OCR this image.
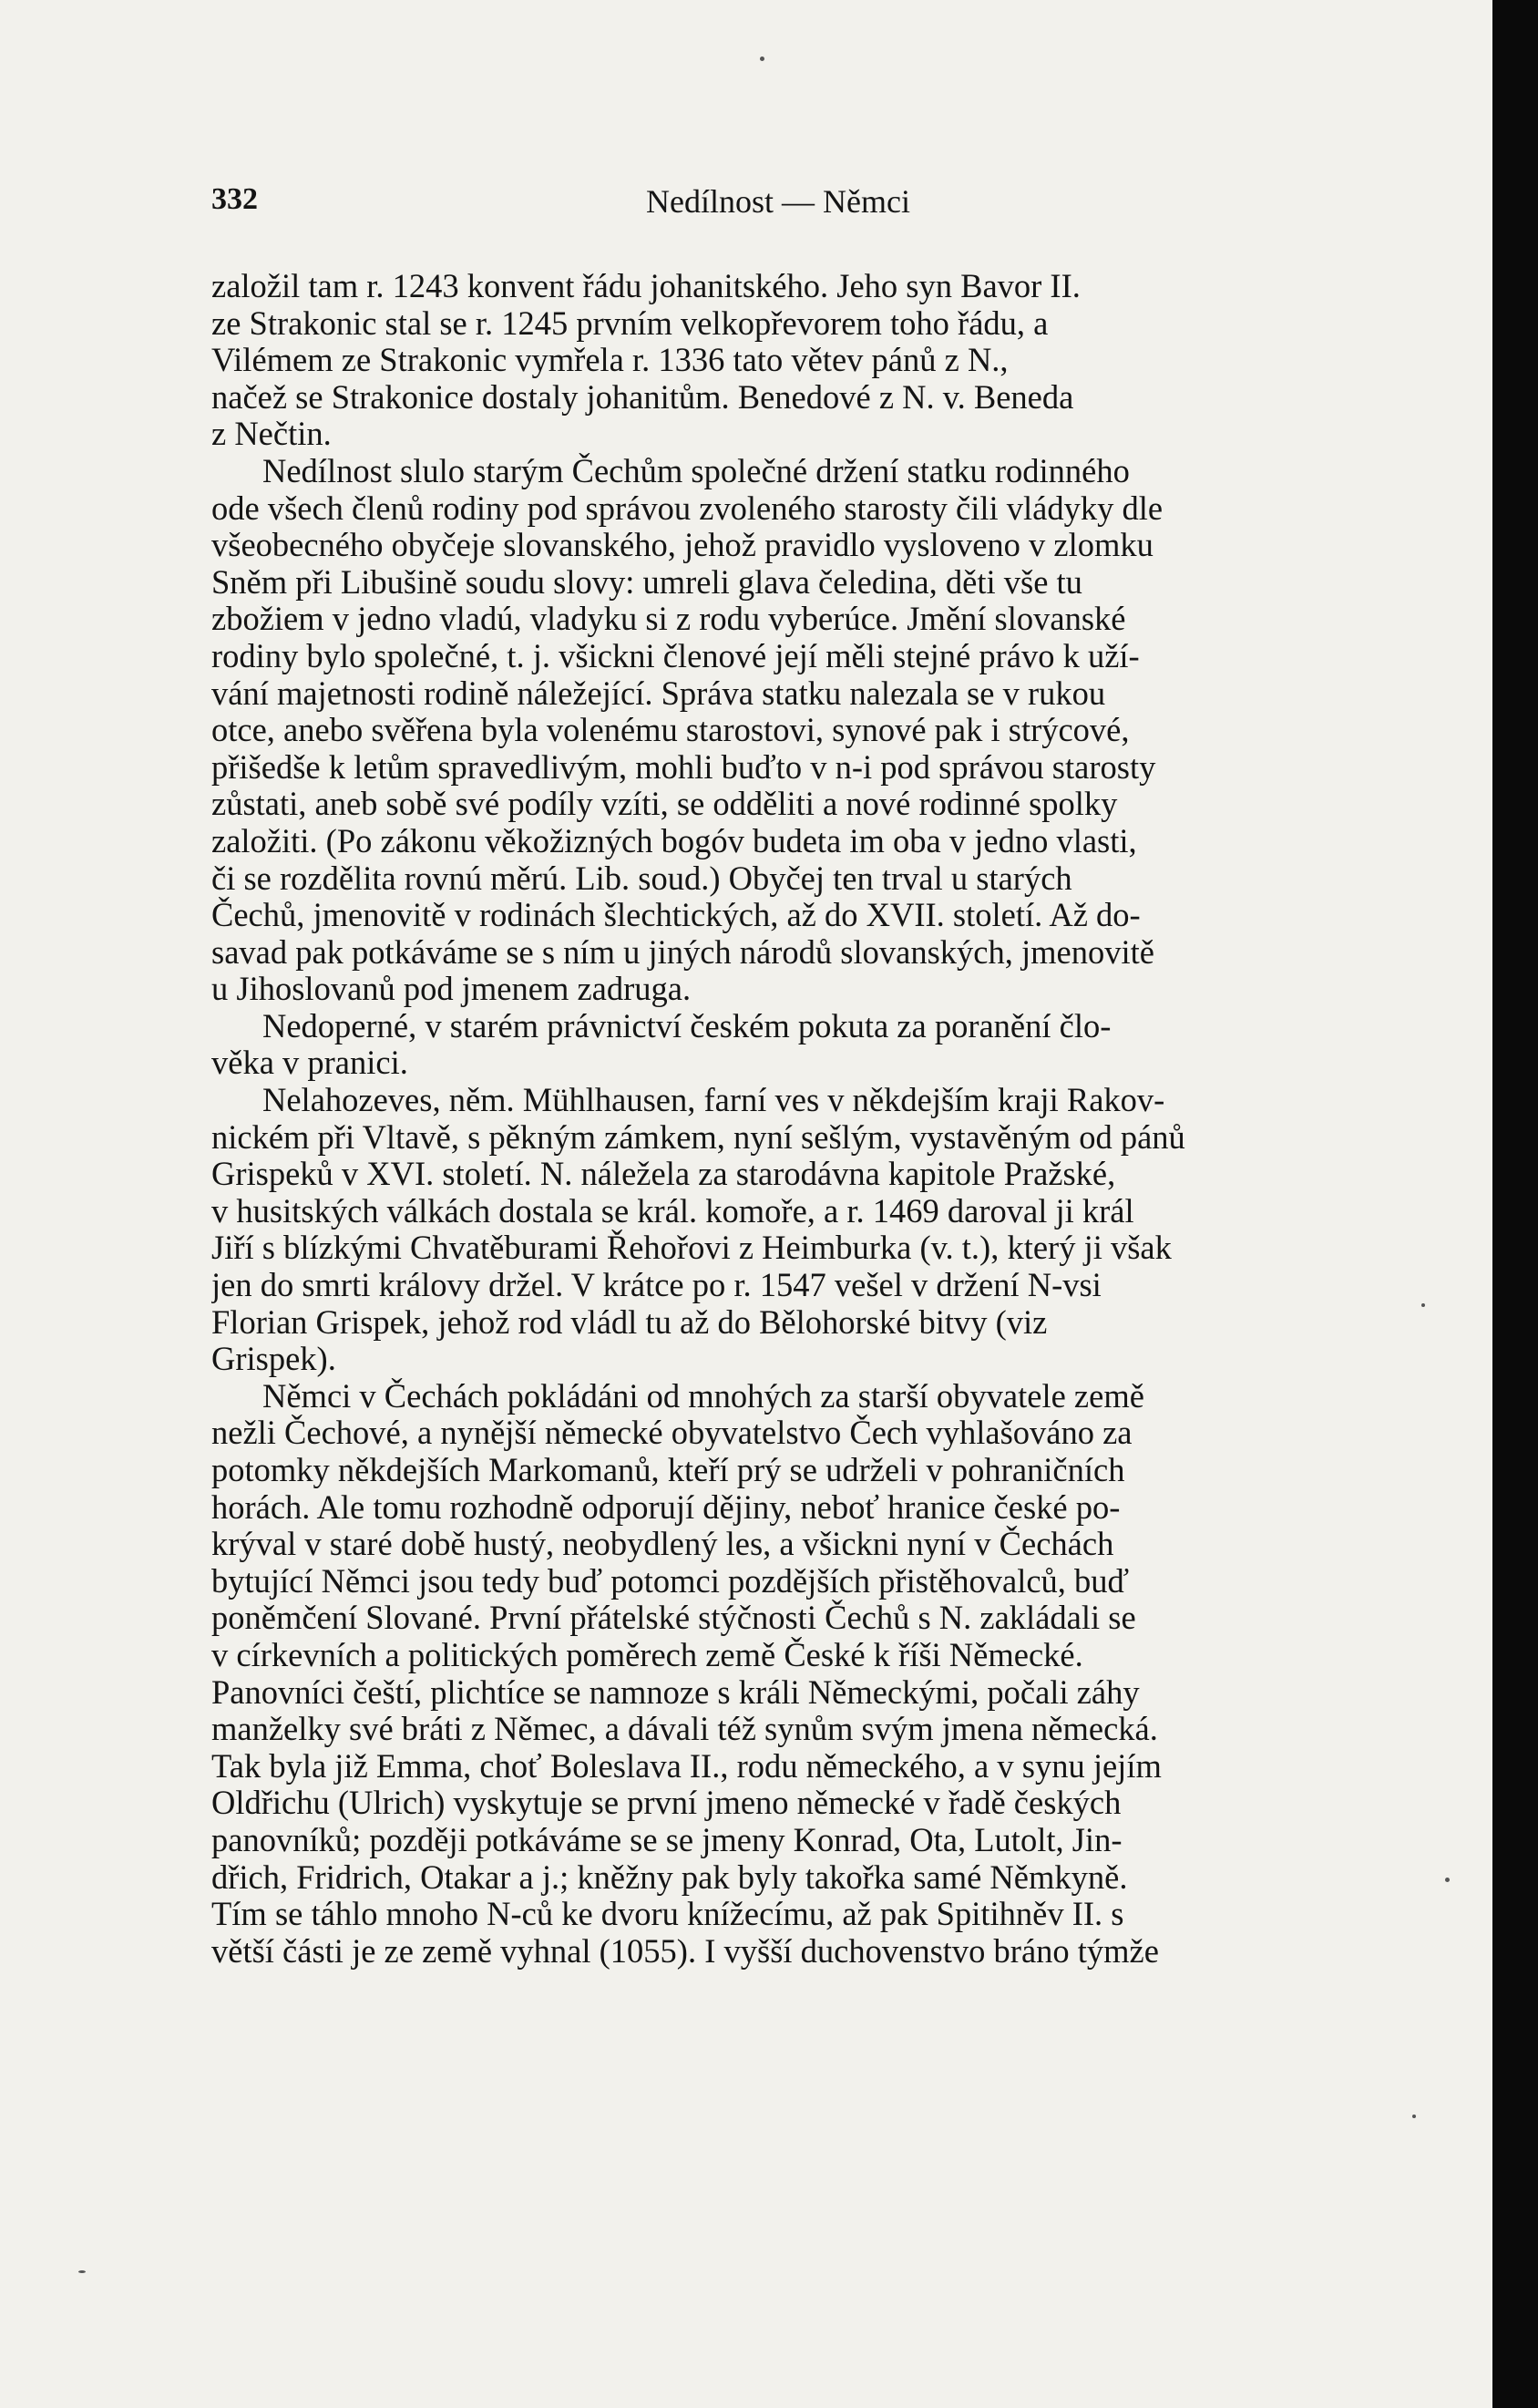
332	Nedílnost — Němci
založil tam r. 1243 konvent řádu johanitského. Jeho syn Bavor II.
ze Strakonic stal se r. 1245 prvním velkopřevorem toho řádu, a
Vilémem ze Strakonic vymřela r. 1336 tato větev pánů z N.,
načež se Strakonice dostaly johanitům. Benedové z N. v. Beneda
z Nečtin.
Nedílnost slulo starým Čechům společné držení statku rodinného
ode všech členů rodiny pod správou zvoleného starosty čili vládyky dle
všeobecného obyčeje slovanského, jehož pravidlo vysloveno v zlomku
Sněm při Libušině soudu slovy: umreli glava čeledina, děti vše tu
zbožiem v jedno vladú, vladyku si z rodu vyberúce. Jmění slovanské
rodiny bylo společné, t. j. všickni členové její měli stejné právo k uží-
vání majetnosti rodině náležející. Správa statku nalezala se v rukou
otce, anebo svěřena byla volenému starostovi, synové pak i strýcové,
přišedše k letům spravedlivým, mohli buďto v n-i pod správou starosty
zůstati, aneb sobě své podíly vzíti, se odděliti a nové rodinné spolky
založiti. (Po zákonu věkožizných bogóv budeta im oba v jedno vlasti,
či se rozdělita rovnú měrú. Lib. soud.) Obyčej ten trval u starých
Čechů, jmenovitě v rodinách šlechtických, až do XVII. století. Až do-
savad pak potkáváme se s ním u jiných národů slovanských, jmenovitě
u Jihoslovanů pod jmenem zadruga.
Nedoperné, v starém právnictví českém pokuta za poranění člo-
věka v pranici.
Nelahozeves, něm. Mühlhausen, farní ves v někdejším kraji Rakov-
nickém při Vltavě, s pěkným zámkem, nyní sešlým, vystavěným od pánů
Grispeků v XVI. století. N. náležela za starodávna kapitole Pražské,
v husitských válkách dostala se král. komoře, a r. 1469 daroval ji král
Jiří s blízkými Chvatěburami Řehořovi z Heimburka (v. t.), který ji však
jen do smrti královy držel. V krátce po r. 1547 vešel v držení N-vsi
Florian Grispek, jehož rod vládl tu až do Bělohorské bitvy (viz
Grispek).
Němci v Čechách pokládáni od mnohých za starší obyvatele země
nežli Čechové, a nynější německé obyvatelstvo Čech vyhlašováno za
potomky někdejších Markomanů, kteří prý se udrželi v pohraničních
horách. Ale tomu rozhodně odporují dějiny, neboť hranice české po-
krýval v staré době hustý, neobydlený les, a všickni nyní v Čechách
bytující Němci jsou tedy buď potomci pozdějších přistěhovalců, buď
poněmčení Slované. První přátelské stýčnosti Čechů s N. zakládali se
v církevních a politických poměrech země České k říši Německé.
Panovníci čeští, plichtíce se namnoze s králi Německými, počali záhy
manželky své bráti z Němec, a dávali též synům svým jmena německá.
Tak byla již Emma, choť Boleslava II., rodu německého, a v synu jejím
Oldřichu (Ulrich) vyskytuje se první jmeno německé v řadě českých
panovníků; později potkáváme se se jmeny Konrad, Ota, Lutolt, Jin-
dřich, Fridrich, Otakar a j.; kněžny pak byly takořka samé Němkyně.
Tím se táhlo mnoho N-ců ke dvoru knížecímu, až pak Spitihněv II. s
větší části je ze země vyhnal (1055). I vyšší duchovenstvo bráno týmže
